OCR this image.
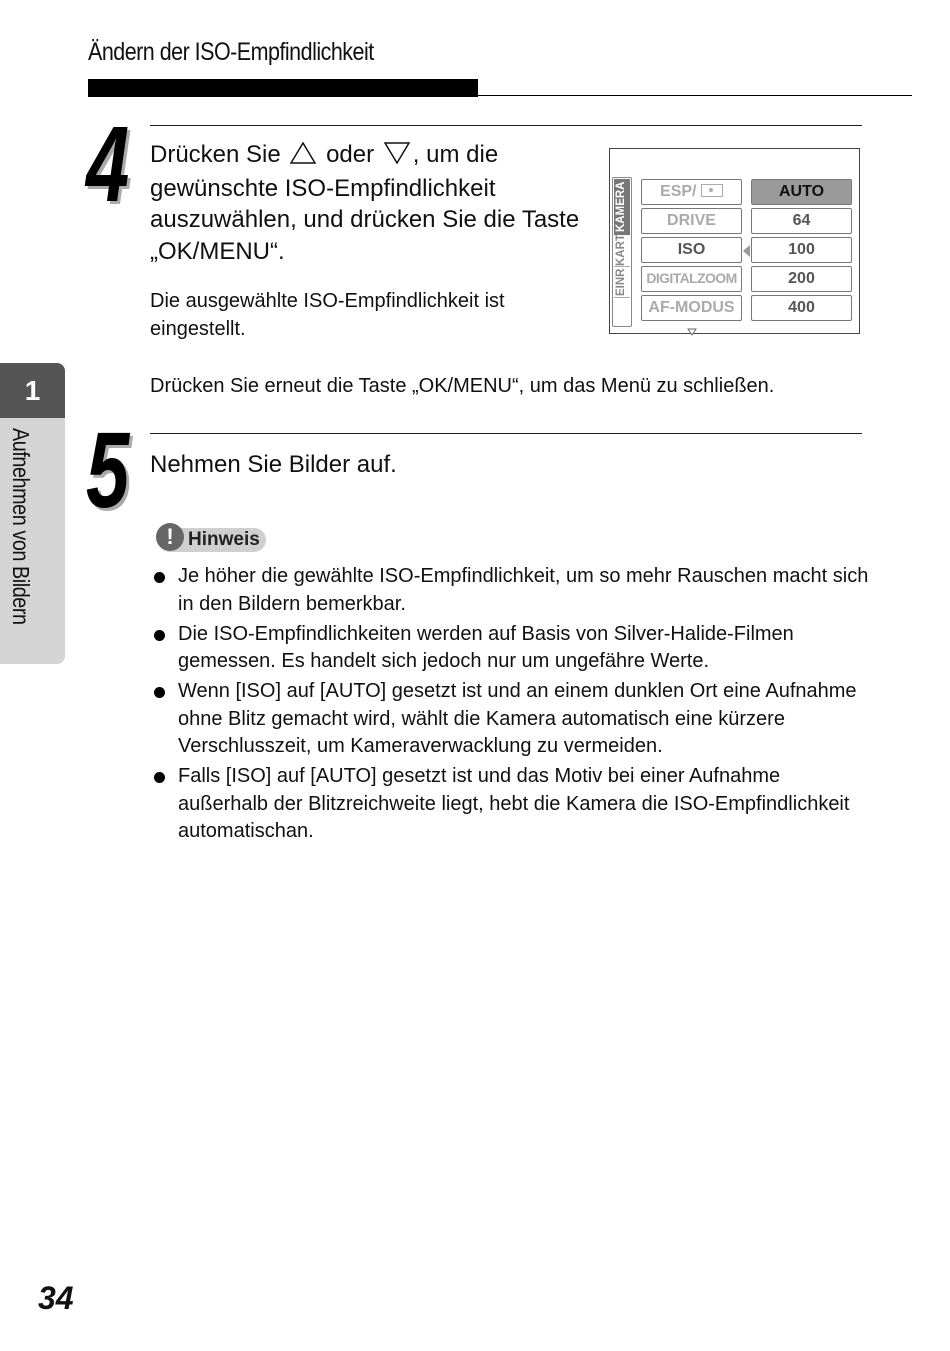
Ändern der ISO-Empfindlichkeit
1
Aufnehmen von Bildern
4 Drücken Sie oder , um die gewünschte ISO-Empfindlichkeit auszuwählen, und drücken Sie die Taste „OK/MENU“.
Die ausgewählte ISO-Empfindlichkeit ist eingestellt.
KAMERA
KART
EINR
ESP/
DRIVE
ISO
DIGITALZOOM
AF-MODUS
AUTO
64
100
200
400
Drücken Sie erneut die Taste „OK/MENU“, um das Menü zu schließen.
5 Nehmen Sie Bilder auf.
! Hinweis
Je höher die gewählte ISO-Empfindlichkeit, um so mehr Rauschen macht sich in den Bildern bemerkbar.
Die ISO-Empfindlichkeiten werden auf Basis von Silver-Halide-Filmen gemessen. Es handelt sich jedoch nur um ungefähre Werte.
Wenn [ISO] auf [AUTO] gesetzt ist und an einem dunklen Ort eine Aufnahme ohne Blitz gemacht wird, wählt die Kamera automatisch eine kürzere Verschlusszeit, um Kameraverwacklung zu vermeiden.
Falls [ISO] auf [AUTO] gesetzt ist und das Motiv bei einer Aufnahme außerhalb der Blitzreichweite liegt, hebt die Kamera die ISO-Empfindlichkeit automatischan.
34
